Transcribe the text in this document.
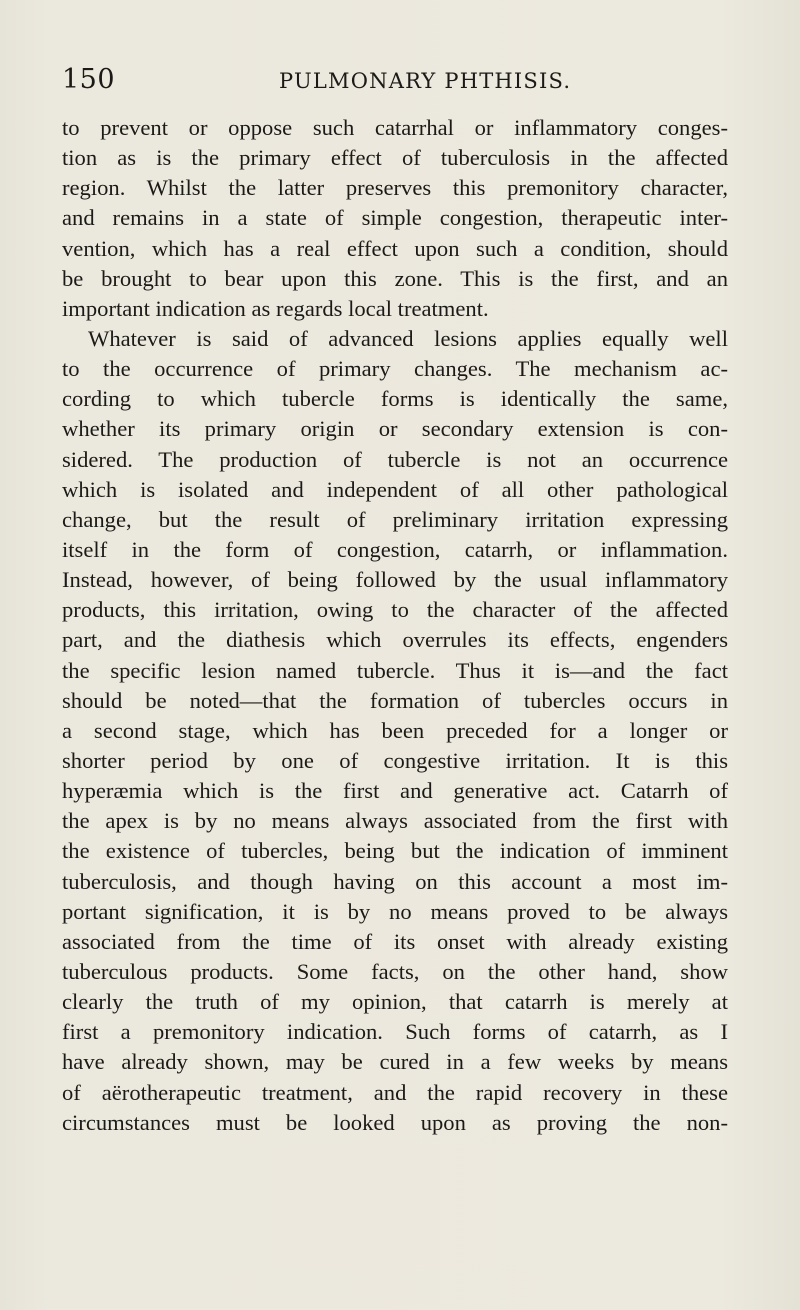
150	PULMONARY PHTHISIS.
to prevent or oppose such catarrhal or inflammatory conges-
tion as is the primary effect of tuberculosis in the affected
region. Whilst the latter preserves this premonitory character,
and remains in a state of simple congestion, therapeutic inter-
vention, which has a real effect upon such a condition, should
be brought to bear upon this zone. This is the first, and an
important indication as regards local treatment.
Whatever is said of advanced lesions applies equally well
to the occurrence of primary changes. The mechanism ac-
cording to which tubercle forms is identically the same,
whether its primary origin or secondary extension is con-
sidered. The production of tubercle is not an occurrence
which is isolated and independent of all other pathological
change, but the result of preliminary irritation expressing
itself in the form of congestion, catarrh, or inflammation.
Instead, however, of being followed by the usual inflammatory
products, this irritation, owing to the character of the affected
part, and the diathesis which overrules its effects, engenders
the specific lesion named tubercle. Thus it is—and the fact
should be noted—that the formation of tubercles occurs in
a second stage, which has been preceded for a longer or
shorter period by one of congestive irritation. It is this
hyperæmia which is the first and generative act. Catarrh of
the apex is by no means always associated from the first with
the existence of tubercles, being but the indication of imminent
tuberculosis, and though having on this account a most im-
portant signification, it is by no means proved to be always
associated from the time of its onset with already existing
tuberculous products. Some facts, on the other hand, show
clearly the truth of my opinion, that catarrh is merely at
first a premonitory indication. Such forms of catarrh, as I
have already shown, may be cured in a few weeks by means
of aërotherapeutic treatment, and the rapid recovery in these
circumstances must be looked upon as proving the non-
